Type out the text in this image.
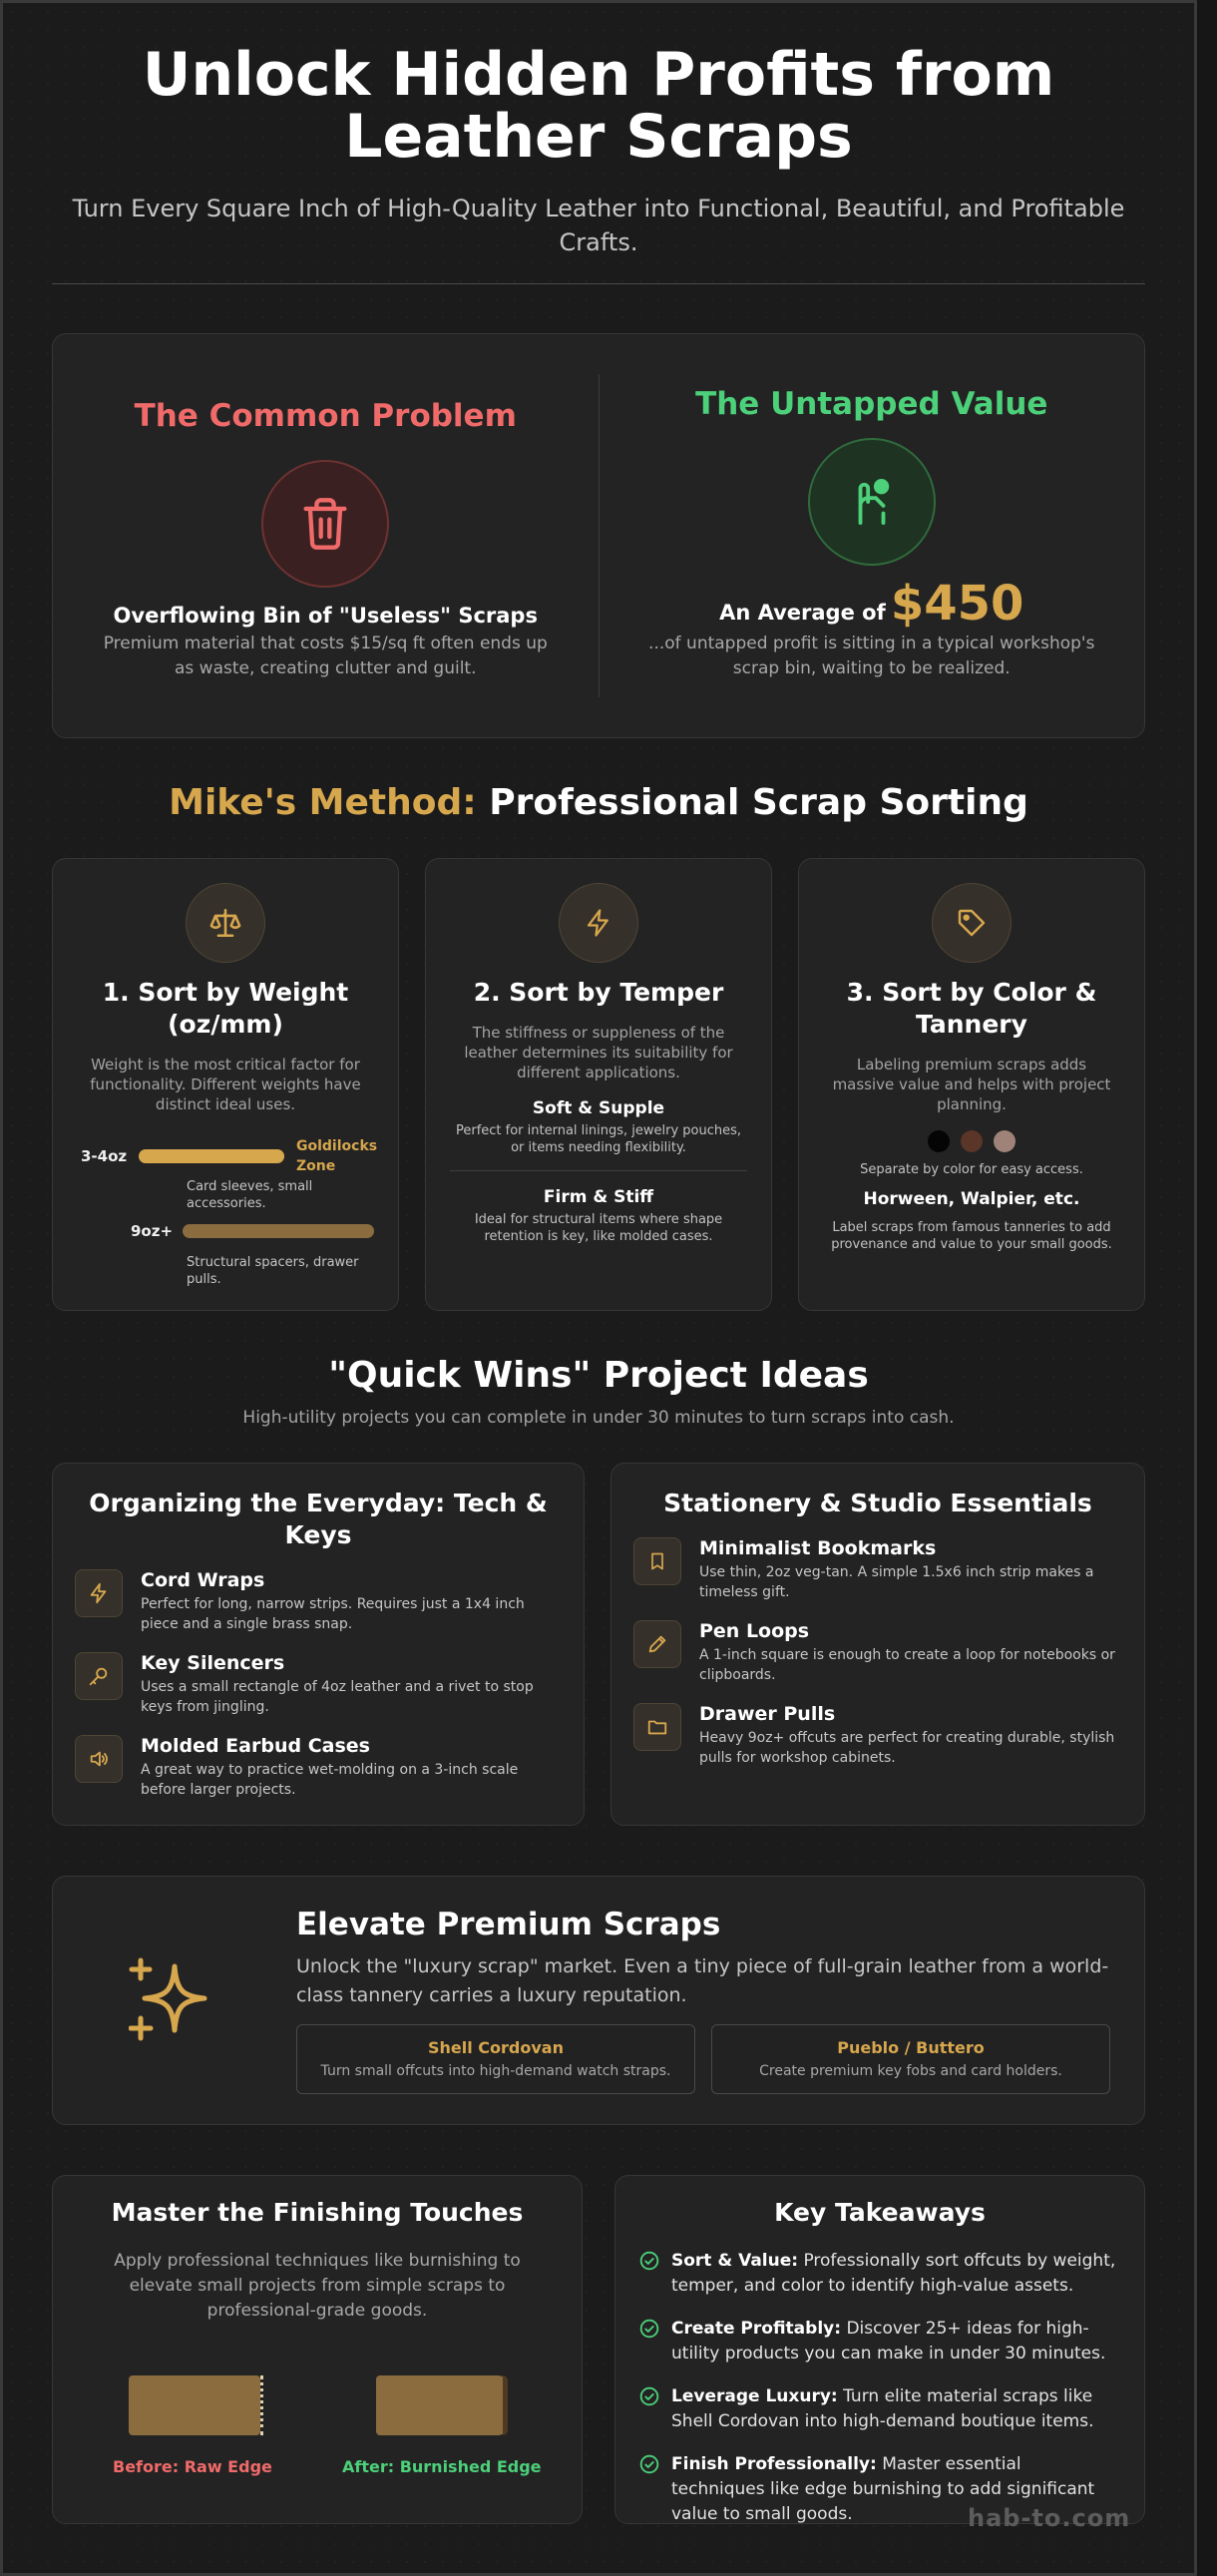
Unlock Hidden Profits from
Leather Scraps

Turn Every Square Inch of High-Quality Leather into Functional, Beautiful, and Profitable Crafts.

The Common Problem
Overflowing Bin of "Useless" Scraps
Premium material that costs $15/sq ft often ends up as waste, creating clutter and guilt.
The Untapped Value
An Average of $450
...of untapped profit is sitting in a typical workshop's scrap bin, waiting to be realized.
Mike's Method: Professional Scrap Sorting
1. Sort by Weight (oz/mm)
Weight is the most critical factor for functionality. Different weights have distinct ideal uses.
3-4oz
Goldilocks Zone
Card sleeves, small accessories.
9oz+
Structural spacers, drawer pulls.
2. Sort by Temper
The stiffness or suppleness of the leather determines its suitability for different applications.
Soft & Supple
Perfect for internal linings, jewelry pouches, or items needing flexibility.
Firm & Stiff
Ideal for structural items where shape retention is key, like molded cases.
3. Sort by Color & Tannery
Labeling premium scraps adds massive value and helps with project planning.

Separate by color for easy access.
Horween, Walpier, etc.
Label scraps from famous tanneries to add provenance and value to your small goods.
"Quick Wins" Project Ideas
High-utility projects you can complete in under 30 minutes to turn scraps into cash.
Organizing the Everyday: Tech & Keys
Cord Wraps
Perfect for long, narrow strips. Requires just a 1x4 inch piece and a single brass snap.
Key Silencers
Uses a small rectangle of 4oz leather and a rivet to stop keys from jingling.
Molded Earbud Cases
A great way to practice wet-molding on a 3-inch scale before larger projects.
Stationery & Studio Essentials
Minimalist Bookmarks
Use thin, 2oz veg-tan. A simple 1.5x6 inch strip makes a timeless gift.
Pen Loops
A 1-inch square is enough to create a loop for notebooks or clipboards.
Drawer Pulls
Heavy 9oz+ offcuts are perfect for creating durable, stylish pulls for workshop cabinets.
Elevate Premium Scraps
Unlock the "luxury scrap" market. Even a tiny piece of full-grain leather from a world-class tannery carries a luxury reputation.
Shell Cordovan
Turn small offcuts into high-demand watch straps.
Pueblo / Buttero
Create premium key fobs and card holders.
Master the Finishing Touches
Apply professional techniques like burnishing to elevate small projects from simple scraps to professional-grade goods.
Before: Raw Edge	After: Burnished Edge
Key Takeaways
Sort & Value: Professionally sort offcuts by weight, temper, and color to identify high-value assets.
Create Profitably: Discover 25+ ideas for high-utility products you can make in under 30 minutes.
Leverage Luxury: Turn elite material scraps like Shell Cordovan into high-demand boutique items.
Finish Professionally: Master essential techniques like edge burnishing to add significant value to small goods.	hab-to.com
